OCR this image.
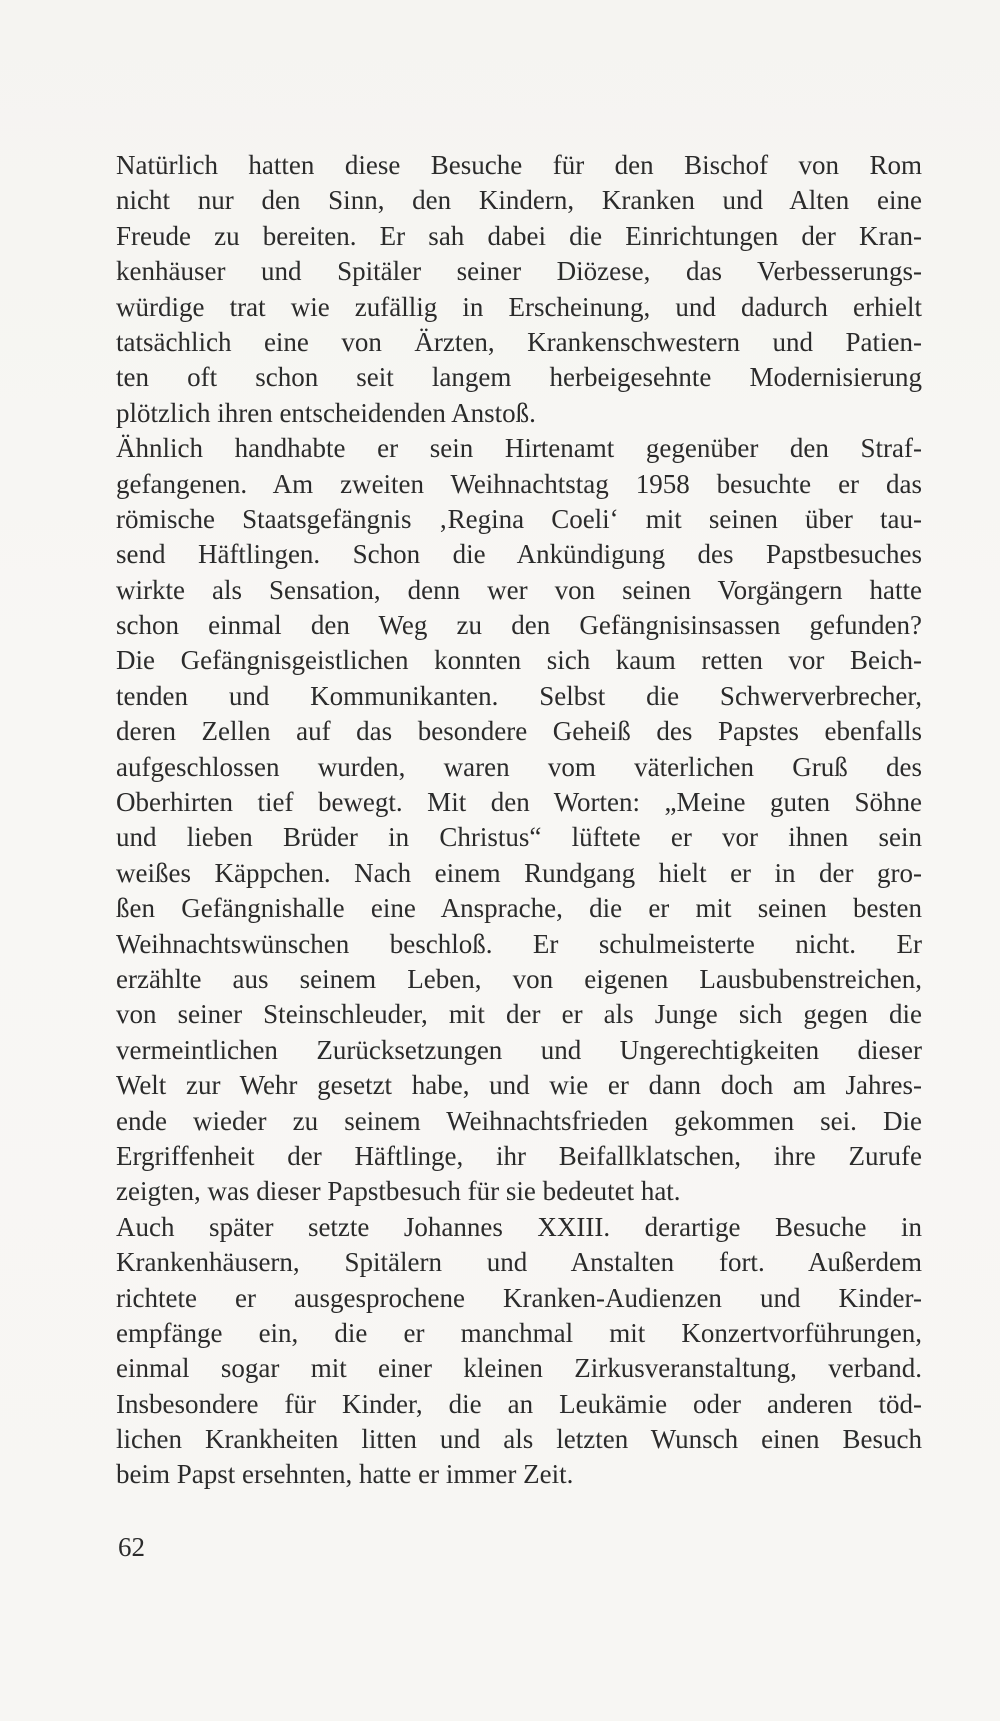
Natürlich hatten diese Besuche für den Bischof von Rom
nicht nur den Sinn, den Kindern, Kranken und Alten eine
Freude zu bereiten. Er sah dabei die Einrichtungen der Kran-
kenhäuser und Spitäler seiner Diözese, das Verbesserungs-
würdige trat wie zufällig in Erscheinung, und dadurch erhielt
tatsächlich eine von Ärzten, Krankenschwestern und Patien-
ten oft schon seit langem herbeigesehnte Modernisierung
plötzlich ihren entscheidenden Anstoß.
Ähnlich handhabte er sein Hirtenamt gegenüber den Straf-
gefangenen. Am zweiten Weihnachtstag 1958 besuchte er das
römische Staatsgefängnis ‚Regina Coeli‘ mit seinen über tau-
send Häftlingen. Schon die Ankündigung des Papstbesuches
wirkte als Sensation, denn wer von seinen Vorgängern hatte
schon einmal den Weg zu den Gefängnisinsassen gefunden?
Die Gefängnisgeistlichen konnten sich kaum retten vor Beich-
tenden und Kommunikanten. Selbst die Schwerverbrecher,
deren Zellen auf das besondere Geheiß des Papstes ebenfalls
aufgeschlossen wurden, waren vom väterlichen Gruß des
Oberhirten tief bewegt. Mit den Worten: „Meine guten Söhne
und lieben Brüder in Christus“ lüftete er vor ihnen sein
weißes Käppchen. Nach einem Rundgang hielt er in der gro-
ßen Gefängnishalle eine Ansprache, die er mit seinen besten
Weihnachtswünschen beschloß. Er schulmeisterte nicht. Er
erzählte aus seinem Leben, von eigenen Lausbubenstreichen,
von seiner Steinschleuder, mit der er als Junge sich gegen die
vermeintlichen Zurücksetzungen und Ungerechtigkeiten dieser
Welt zur Wehr gesetzt habe, und wie er dann doch am Jahres-
ende wieder zu seinem Weihnachtsfrieden gekommen sei. Die
Ergriffenheit der Häftlinge, ihr Beifallklatschen, ihre Zurufe
zeigten, was dieser Papstbesuch für sie bedeutet hat.
Auch später setzte Johannes XXIII. derartige Besuche in
Krankenhäusern, Spitälern und Anstalten fort. Außerdem
richtete er ausgesprochene Kranken-Audienzen und Kinder-
empfänge ein, die er manchmal mit Konzertvorführungen,
einmal sogar mit einer kleinen Zirkusveranstaltung, verband.
Insbesondere für Kinder, die an Leukämie oder anderen töd-
lichen Krankheiten litten und als letzten Wunsch einen Besuch
beim Papst ersehnten, hatte er immer Zeit.
62
